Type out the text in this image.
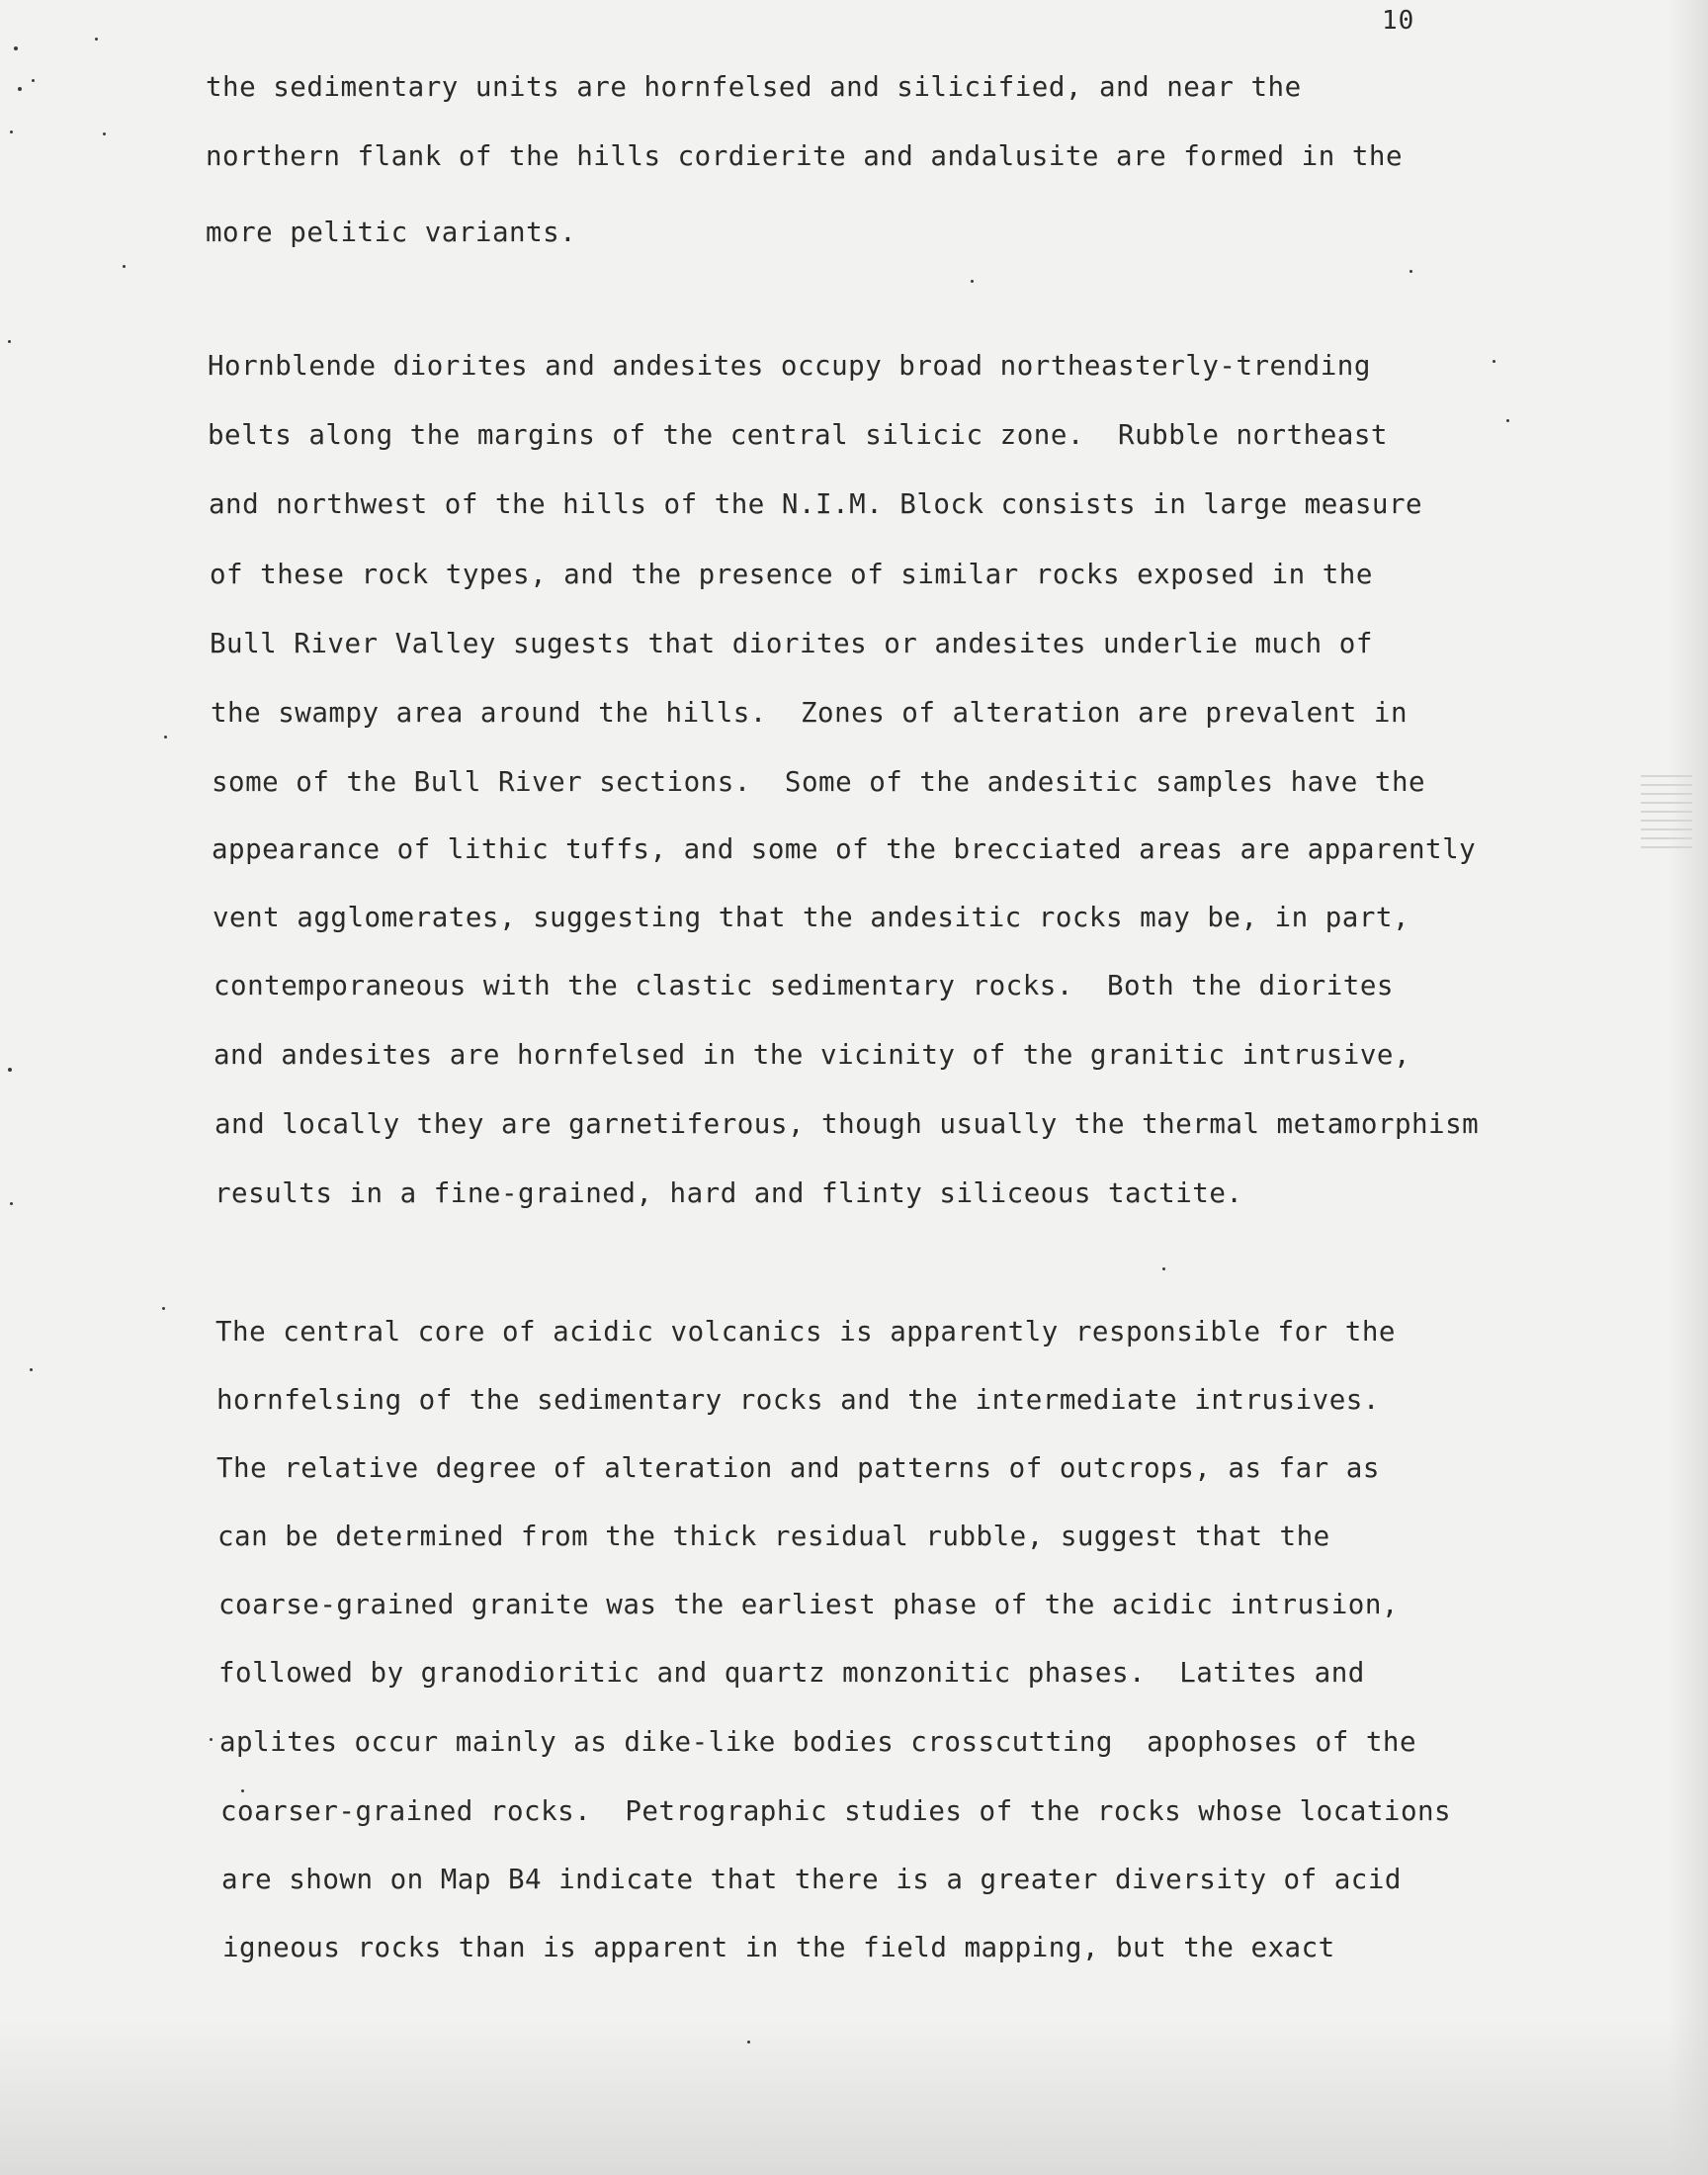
10
the sedimentary units are hornfelsed and silicified, and near the
northern flank of the hills cordierite and andalusite are formed in the
more pelitic variants.
Hornblende diorites and andesites occupy broad northeasterly-trending
belts along the margins of the central silicic zone.  Rubble northeast
and northwest of the hills of the N.I.M. Block consists in large measure
of these rock types, and the presence of similar rocks exposed in the
Bull River Valley sugests that diorites or andesites underlie much of
the swampy area around the hills.  Zones of alteration are prevalent in
some of the Bull River sections.  Some of the andesitic samples have the
appearance of lithic tuffs, and some of the brecciated areas are apparently
vent agglomerates, suggesting that the andesitic rocks may be, in part,
contemporaneous with the clastic sedimentary rocks.  Both the diorites
and andesites are hornfelsed in the vicinity of the granitic intrusive,
and locally they are garnetiferous, though usually the thermal metamorphism
results in a fine-grained, hard and flinty siliceous tactite.
The central core of acidic volcanics is apparently responsible for the
hornfelsing of the sedimentary rocks and the intermediate intrusives.
The relative degree of alteration and patterns of outcrops, as far as
can be determined from the thick residual rubble, suggest that the
coarse-grained granite was the earliest phase of the acidic intrusion,
followed by granodioritic and quartz monzonitic phases.  Latites and
aplites occur mainly as dike-like bodies crosscutting  apophoses of the
coarser-grained rocks.  Petrographic studies of the rocks whose locations
are shown on Map B4 indicate that there is a greater diversity of acid
igneous rocks than is apparent in the field mapping, but the exact
